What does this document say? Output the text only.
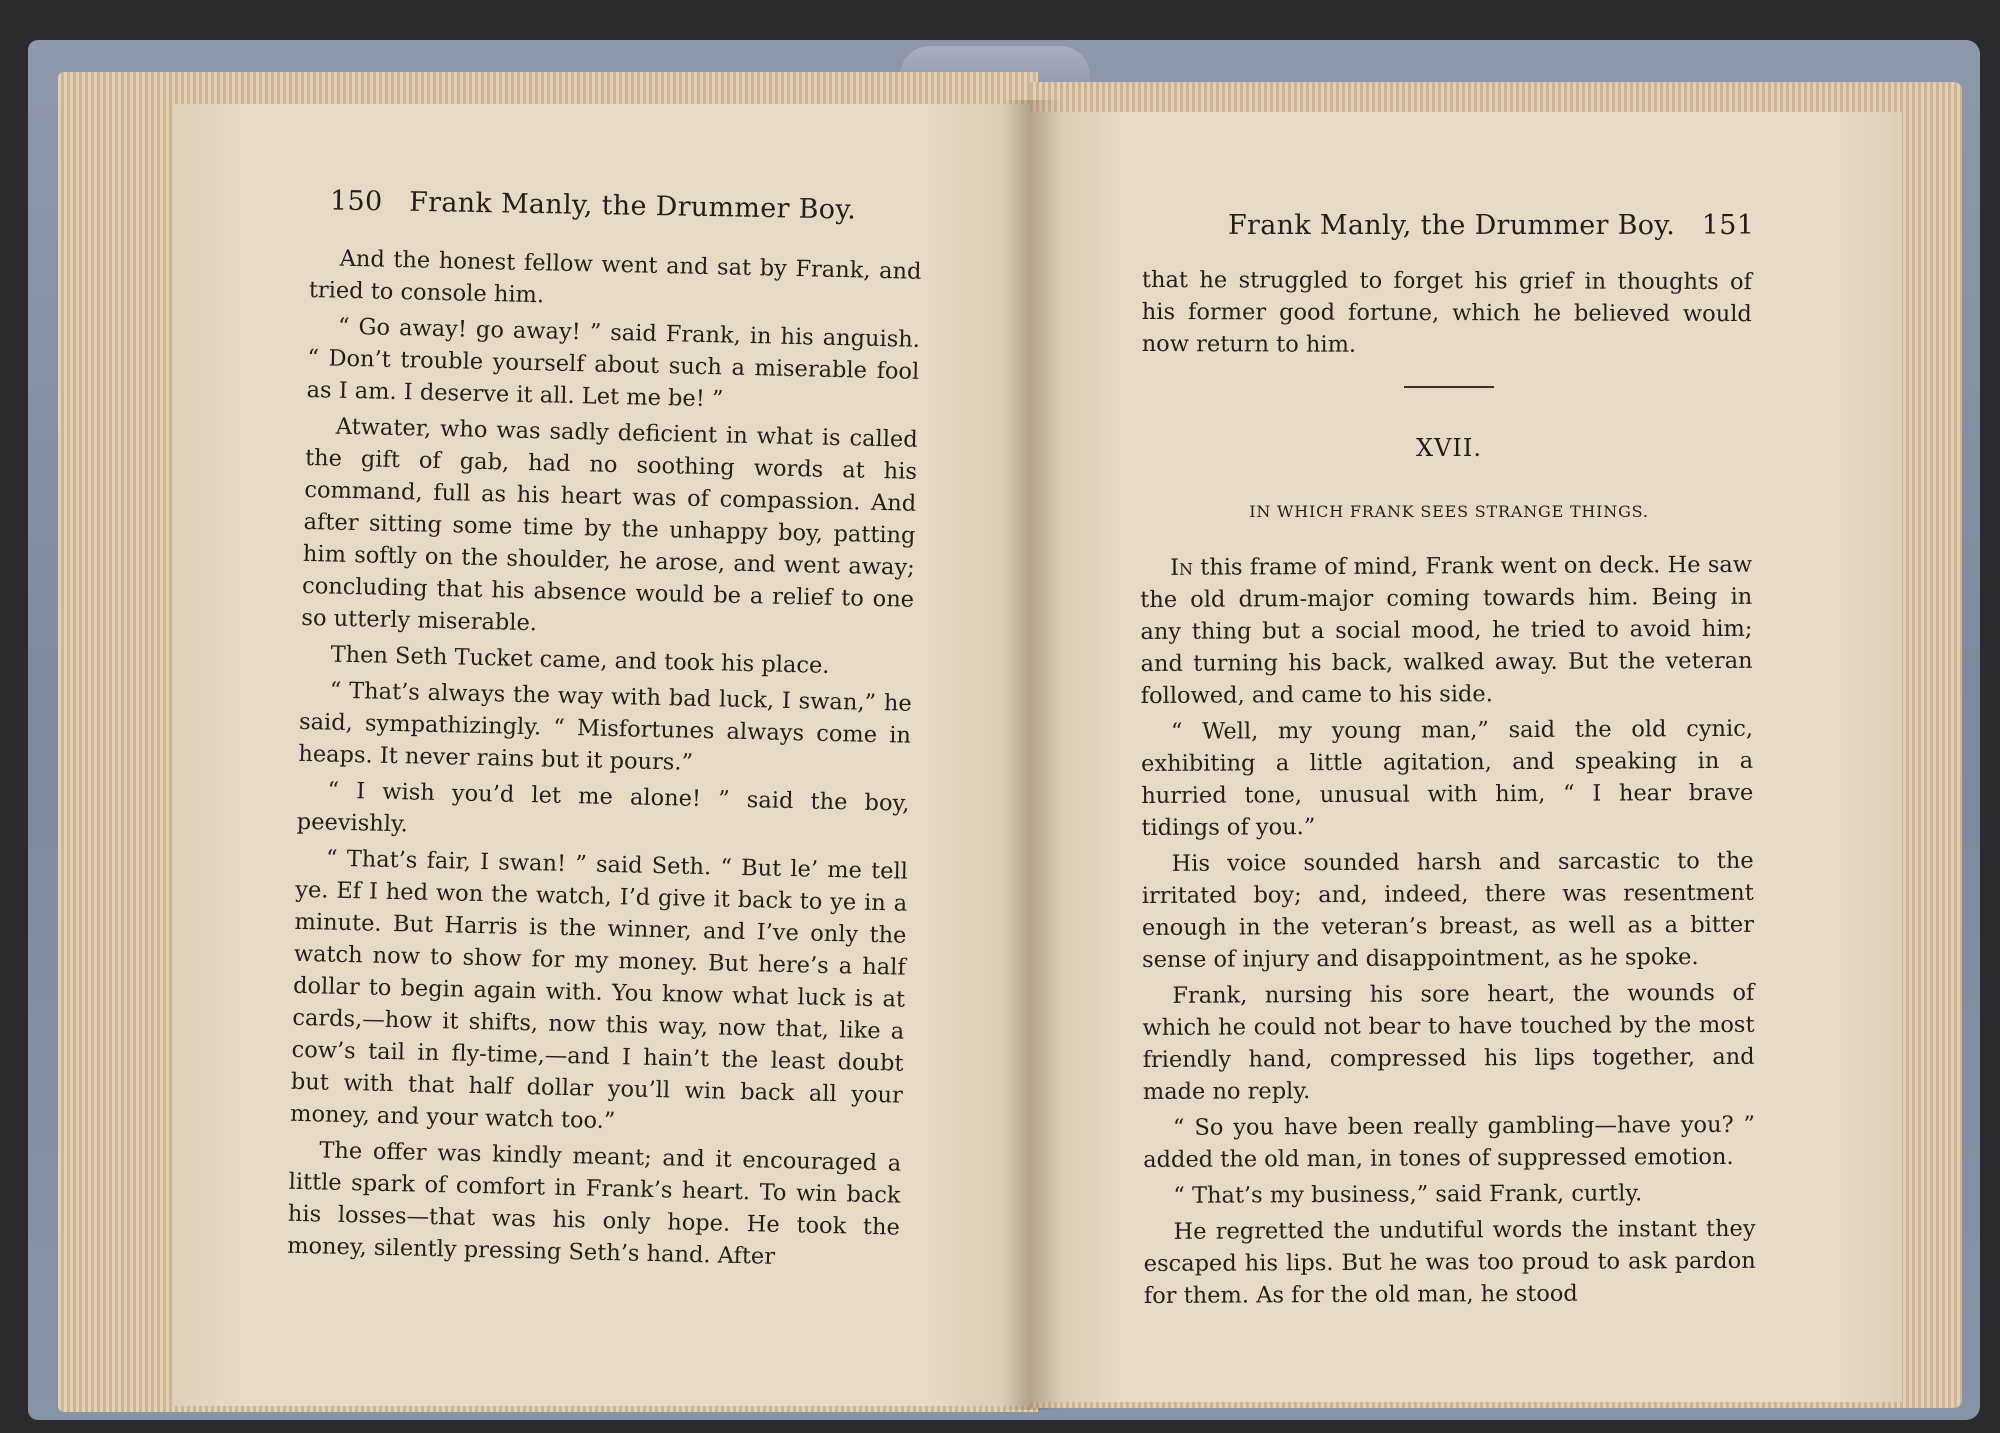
150 Frank Manly, the Drummer Boy.

And the honest fellow went and sat by Frank, and tried to console him.

“ Go away! go away! ” said Frank, in his anguish. “ Don’t trouble yourself about such a miserable fool as I am. I deserve it all. Let me be! ”

Atwater, who was sadly deficient in what is called the gift of gab, had no soothing words at his command, full as his heart was of compassion. And after sitting some time by the unhappy boy, patting him softly on the shoulder, he arose, and went away; concluding that his absence would be a relief to one so utterly miserable.

Then Seth Tucket came, and took his place.

“ That’s always the way with bad luck, I swan,” he said, sympathizingly. “ Misfortunes always come in heaps. It never rains but it pours.”

“ I wish you’d let me alone! ” said the boy, peevishly.

“ That’s fair, I swan! ” said Seth. “ But le’ me tell ye. Ef I hed won the watch, I’d give it back to ye in a minute. But Harris is the winner, and I’ve only the watch now to show for my money. But here’s a half dollar to begin again with. You know what luck is at cards,—how it shifts, now this way, now that, like a cow’s tail in fly-time,—and I hain’t the least doubt but with that half dollar you’ll win back all your money, and your watch too.”

The offer was kindly meant; and it encouraged a little spark of comfort in Frank’s heart. To win back his losses—that was his only hope. He took the money, silently pressing Seth’s hand. After

Frank Manly, the Drummer Boy. 151

that he struggled to forget his grief in thoughts of his former good fortune, which he believed would now return to him.

XVII.

IN WHICH FRANK SEES STRANGE THINGS.

In this frame of mind, Frank went on deck. He saw the old drum-major coming towards him. Being in any thing but a social mood, he tried to avoid him; and turning his back, walked away. But the veteran followed, and came to his side.

“ Well, my young man,” said the old cynic, exhibiting a little agitation, and speaking in a hurried tone, unusual with him, “ I hear brave tidings of you.”

His voice sounded harsh and sarcastic to the irritated boy; and, indeed, there was resentment enough in the veteran’s breast, as well as a bitter sense of injury and disappointment, as he spoke.

Frank, nursing his sore heart, the wounds of which he could not bear to have touched by the most friendly hand, compressed his lips together, and made no reply.

“ So you have been really gambling—have you? ” added the old man, in tones of suppressed emotion.

“ That’s my business,” said Frank, curtly.

He regretted the undutiful words the instant they escaped his lips. But he was too proud to ask pardon for them. As for the old man, he stood
